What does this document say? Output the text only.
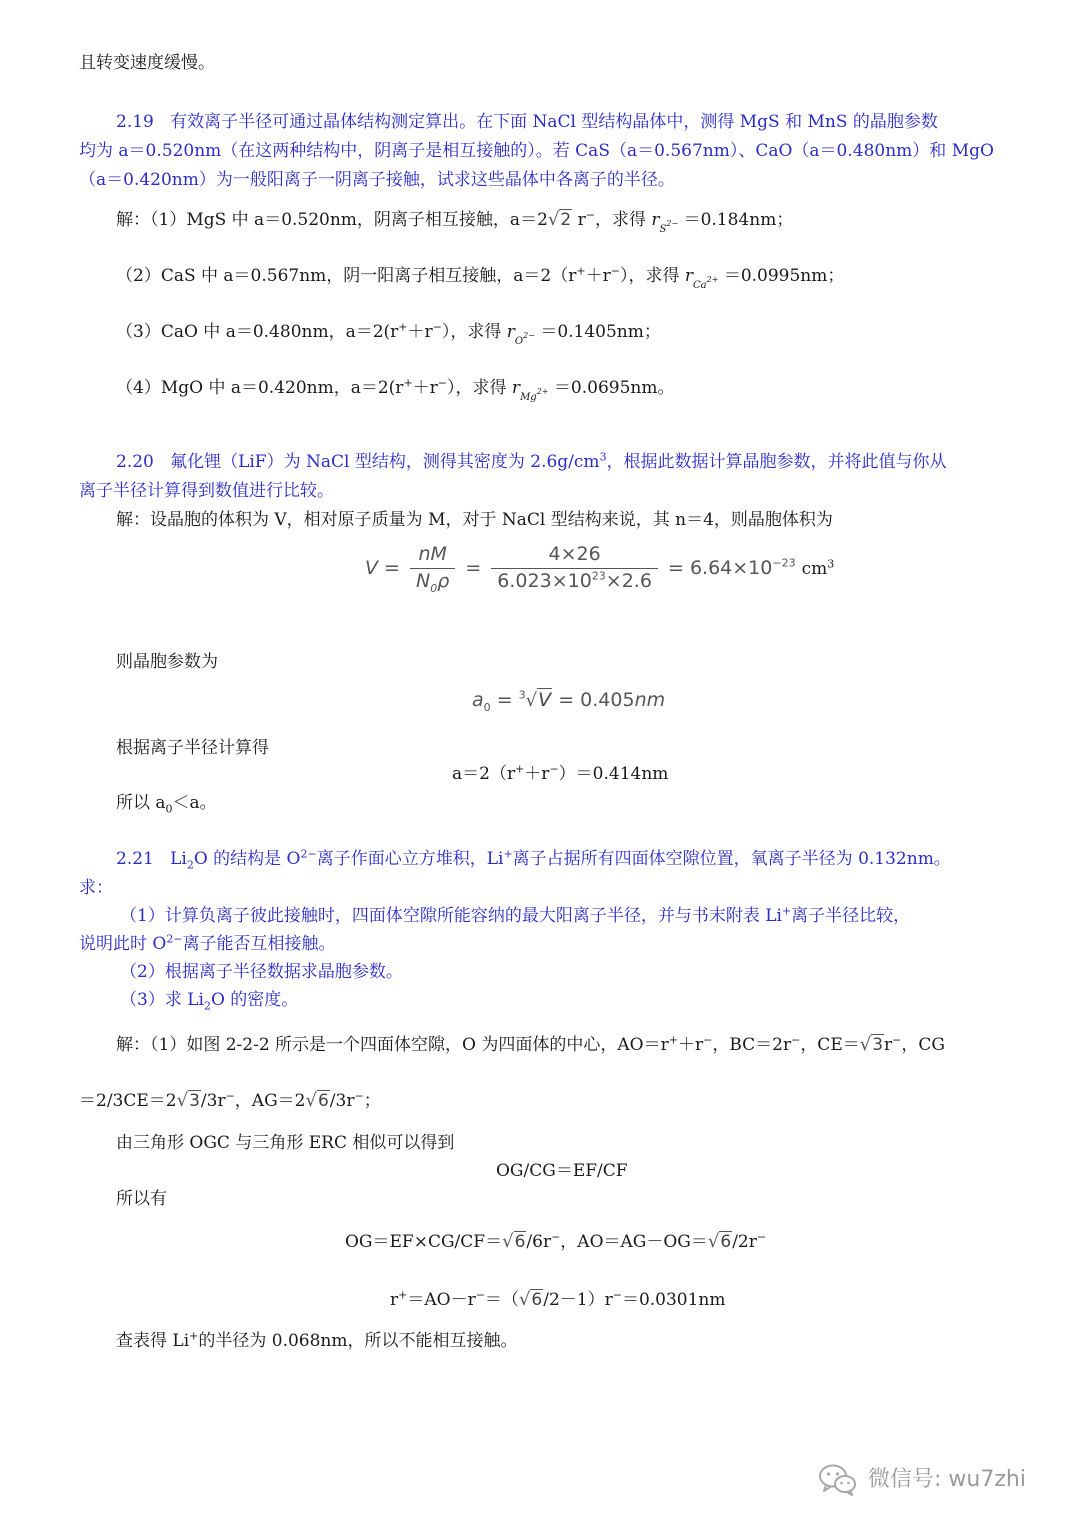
且转变速度缓慢。
2.19 有效离子半径可通过晶体结构测定算出。在下面 NaCl 型结构晶体中，测得 MgS 和 MnS 的晶胞参数
均为 a＝0.520nm（在这两种结构中，阴离子是相互接触的）。若 CaS（a＝0.567nm）、CaO（a＝0.480nm）和 MgO
（a＝0.420nm）为一般阳离子一阴离子接触，试求这些晶体中各离子的半径。
解：（1）MgS 中 a＝0.520nm，阴离子相互接触，a＝2√2 r−，求得 $r_{S^{2-}} =0.184nm$；
（2）CaS 中 a＝0.567nm，阴一阳离子相互接触，a＝2（r+＋r−），求得 $r_{Ca^{2+}} =0.0995nm$；
（3）CaO 中 a＝0.480nm，a＝2(r+＋r−），求得 $r_{O^{2-}} =0.1405nm$；
（4）MgO 中 a＝0.420nm，a＝2(r+＋r−），求得 $r_{Mg^{2+}} =0.0695nm$。
2.20 氟化锂（LiF）为 NaCl 型结构，测得其密度为 $2.6g/cm^3$，根据此数据计算晶胞参数，并将此值与你从
离子半径计算得到数值进行比较。
解：设晶胞的体积为 V，相对原子质量为 M，对于 NaCl 型结构来说，其 n＝4，则晶胞体积为
$V = \frac{nM}{N_0\rho} = \frac{4\times 26}{6.023\times 10^{23}\times 2.6} = 6.64\times 10^{-23}$ $cm^3$
则晶胞参数为
$a_0 = ^3√V = 0.405nm$
根据离子半径计算得
a＝2（r+＋r−）＝0.414nm
所以 $a_0<a$。
2.21 $Li_2O$ 的结构是 $O^{2-}$离子作面心立方堆积，Li+离子占据所有四面体空隙位置，氧离子半径为 0.132nm。
求：
（1）计算负离子彼此接触时，四面体空隙所能容纳的最大阳离子半径，并与书末附表 Li+离子半径比较，
说明此时 $O^{2-}$离子能否互相接触。
（2）根据离子半径数据求晶胞参数。
（3）求 $Li_2O$ 的密度。
解：（1）如图 2-2-2 所示是一个四面体空隙，O 为四面体的中心，AO＝r+＋r−，BC＝2r−，CE＝√3r−，CG
＝2/3CE＝2√3/3r−，AG＝2√6/3r−；
由三角形 OGC 与三角形 ERC 相似可以得到
OG/CG＝EF/CF
所以有
OG＝EF×CG/CF＝√6/6r−，AO＝AG－OG＝√6/2r−
r+＝AO－r−＝（√6/2－1）r−＝0.0301nm
查表得 Li+的半径为 0.068nm，所以不能相互接触。
微信号: wu7zhi
